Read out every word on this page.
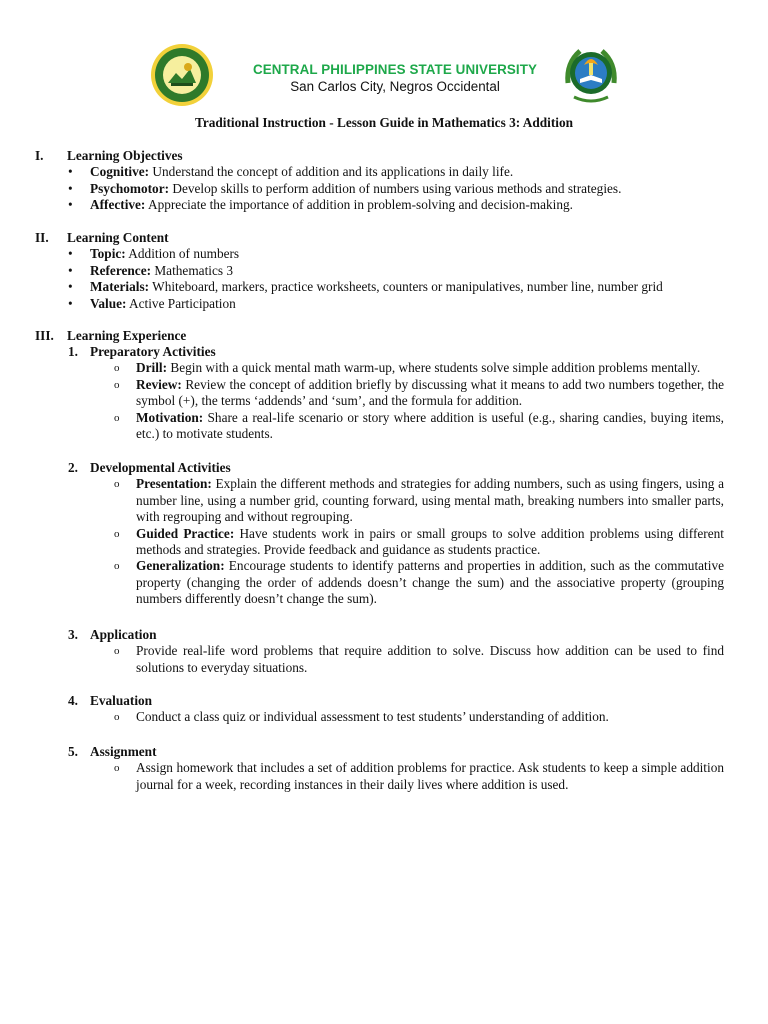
CENTRAL PHILIPPINES STATE UNIVERSITY
San Carlos City, Negros Occidental
Traditional Instruction - Lesson Guide in Mathematics 3: Addition
I. Learning Objectives
• Cognitive: Understand the concept of addition and its applications in daily life.
• Psychomotor: Develop skills to perform addition of numbers using various methods and strategies.
• Affective: Appreciate the importance of addition in problem-solving and decision-making.
II. Learning Content
• Topic: Addition of numbers
• Reference: Mathematics 3
• Materials: Whiteboard, markers, practice worksheets, counters or manipulatives, number line, number grid
• Value: Active Participation
III. Learning Experience
1. Preparatory Activities
o Drill: Begin with a quick mental math warm-up, where students solve simple addition problems mentally.
o Review: Review the concept of addition briefly by discussing what it means to add two numbers together, the symbol (+), the terms ‘addends’ and ‘sum’, and the formula for addition.
o Motivation: Share a real-life scenario or story where addition is useful (e.g., sharing candies, buying items, etc.) to motivate students.
2. Developmental Activities
o Presentation: Explain the different methods and strategies for adding numbers, such as using fingers, using a number line, using a number grid, counting forward, using mental math, breaking numbers into smaller parts, with regrouping and without regrouping.
o Guided Practice: Have students work in pairs or small groups to solve addition problems using different methods and strategies. Provide feedback and guidance as students practice.
o Generalization: Encourage students to identify patterns and properties in addition, such as the commutative property (changing the order of addends doesn’t change the sum) and the associative property (grouping numbers differently doesn’t change the sum).
3. Application
o Provide real-life word problems that require addition to solve. Discuss how addition can be used to find solutions to everyday situations.
4. Evaluation
o Conduct a class quiz or individual assessment to test students’ understanding of addition.
5. Assignment
o Assign homework that includes a set of addition problems for practice. Ask students to keep a simple addition journal for a week, recording instances in their daily lives where addition is used.
